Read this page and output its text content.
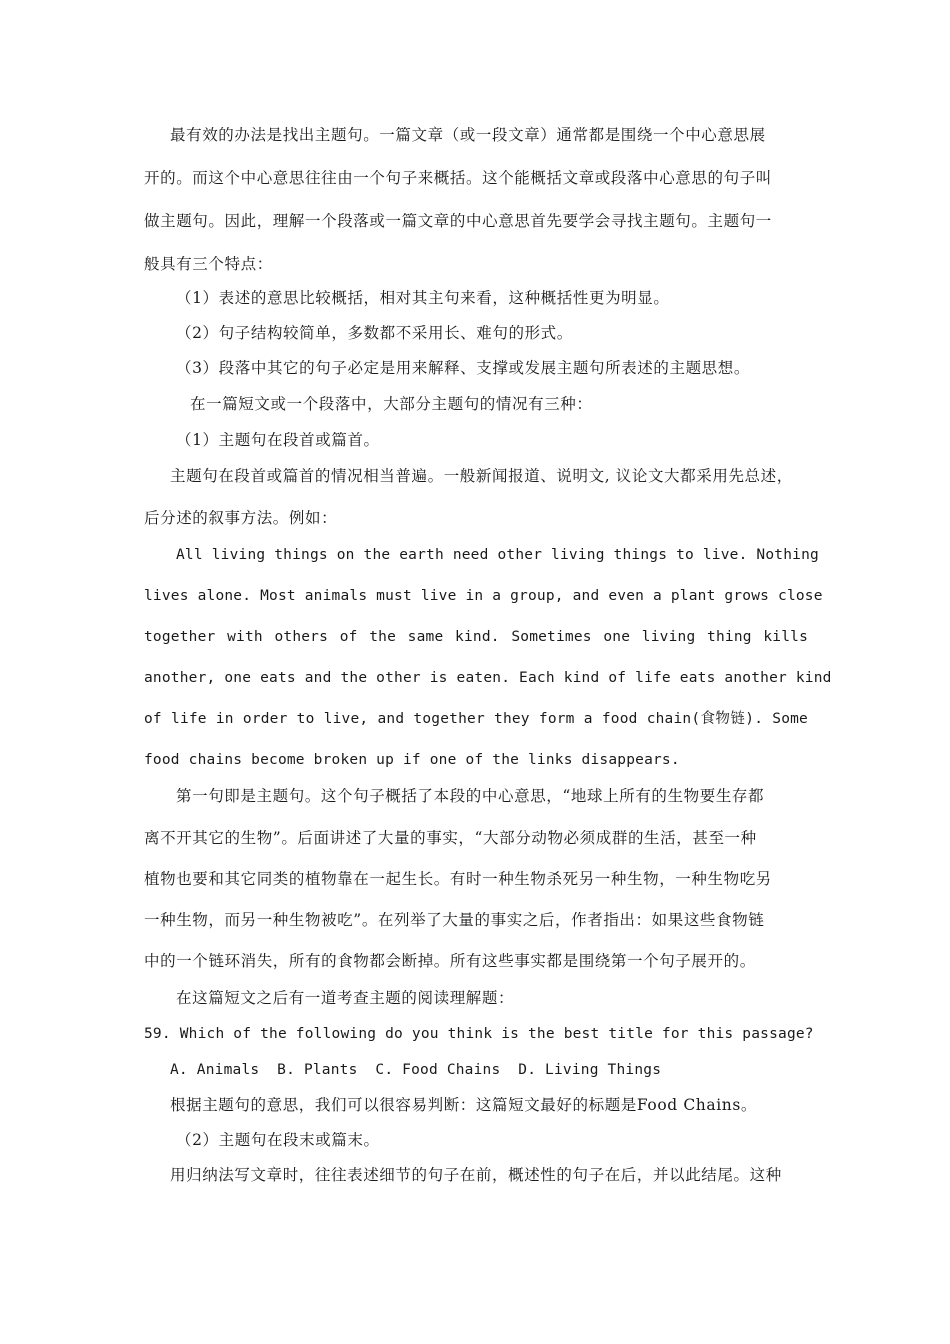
最有效的办法是找出主题句。一篇文章（或一段文章）通常都是围绕一个中心意思展
开的。而这个中心意思往往由一个句子来概括。这个能概括文章或段落中心意思的句子叫
做主题句。因此，理解一个段落或一篇文章的中心意思首先要学会寻找主题句。主题句一
般具有三个特点：
（1）表述的意思比较概括，相对其主句来看，这种概括性更为明显。
（2）句子结构较简单，多数都不采用长、难句的形式。
（3）段落中其它的句子必定是用来解释、支撑或发展主题句所表述的主题思想。
在一篇短文或一个段落中，大部分主题句的情况有三种：
（1）主题句在段首或篇首。
主题句在段首或篇首的情况相当普遍。一般新闻报道、说明文, 议论文大都采用先总述，
后分述的叙事方法。例如：
All living things on the earth need other living things to live. Nothing
lives alone. Most animals must live in a group, and even a plant grows close
together with others of the same kind. Sometimes one living thing kills
another, one eats and the other is eaten. Each kind of life eats another kind
of life in order to live, and together they form a food chain(食物链). Some
food chains become broken up if one of the links disappears.
第一句即是主题句。这个句子概括了本段的中心意思，“地球上所有的生物要生存都
离不开其它的生物”。后面讲述了大量的事实，“大部分动物必须成群的生活，甚至一种
植物也要和其它同类的植物靠在一起生长。有时一种生物杀死另一种生物，一种生物吃另
一种生物，而另一种生物被吃”。在列举了大量的事实之后，作者指出：如果这些食物链
中的一个链环消失，所有的食物都会断掉。所有这些事实都是围绕第一个句子展开的。
在这篇短文之后有一道考查主题的阅读理解题：
59. Which of the following do you think is the best title for this passage?
A. Animals  B. Plants  C. Food Chains  D. Living Things
根据主题句的意思，我们可以很容易判断：这篇短文最好的标题是Food Chains。
（2）主题句在段末或篇末。
用归纳法写文章时，往往表述细节的句子在前，概述性的句子在后，并以此结尾。这种
